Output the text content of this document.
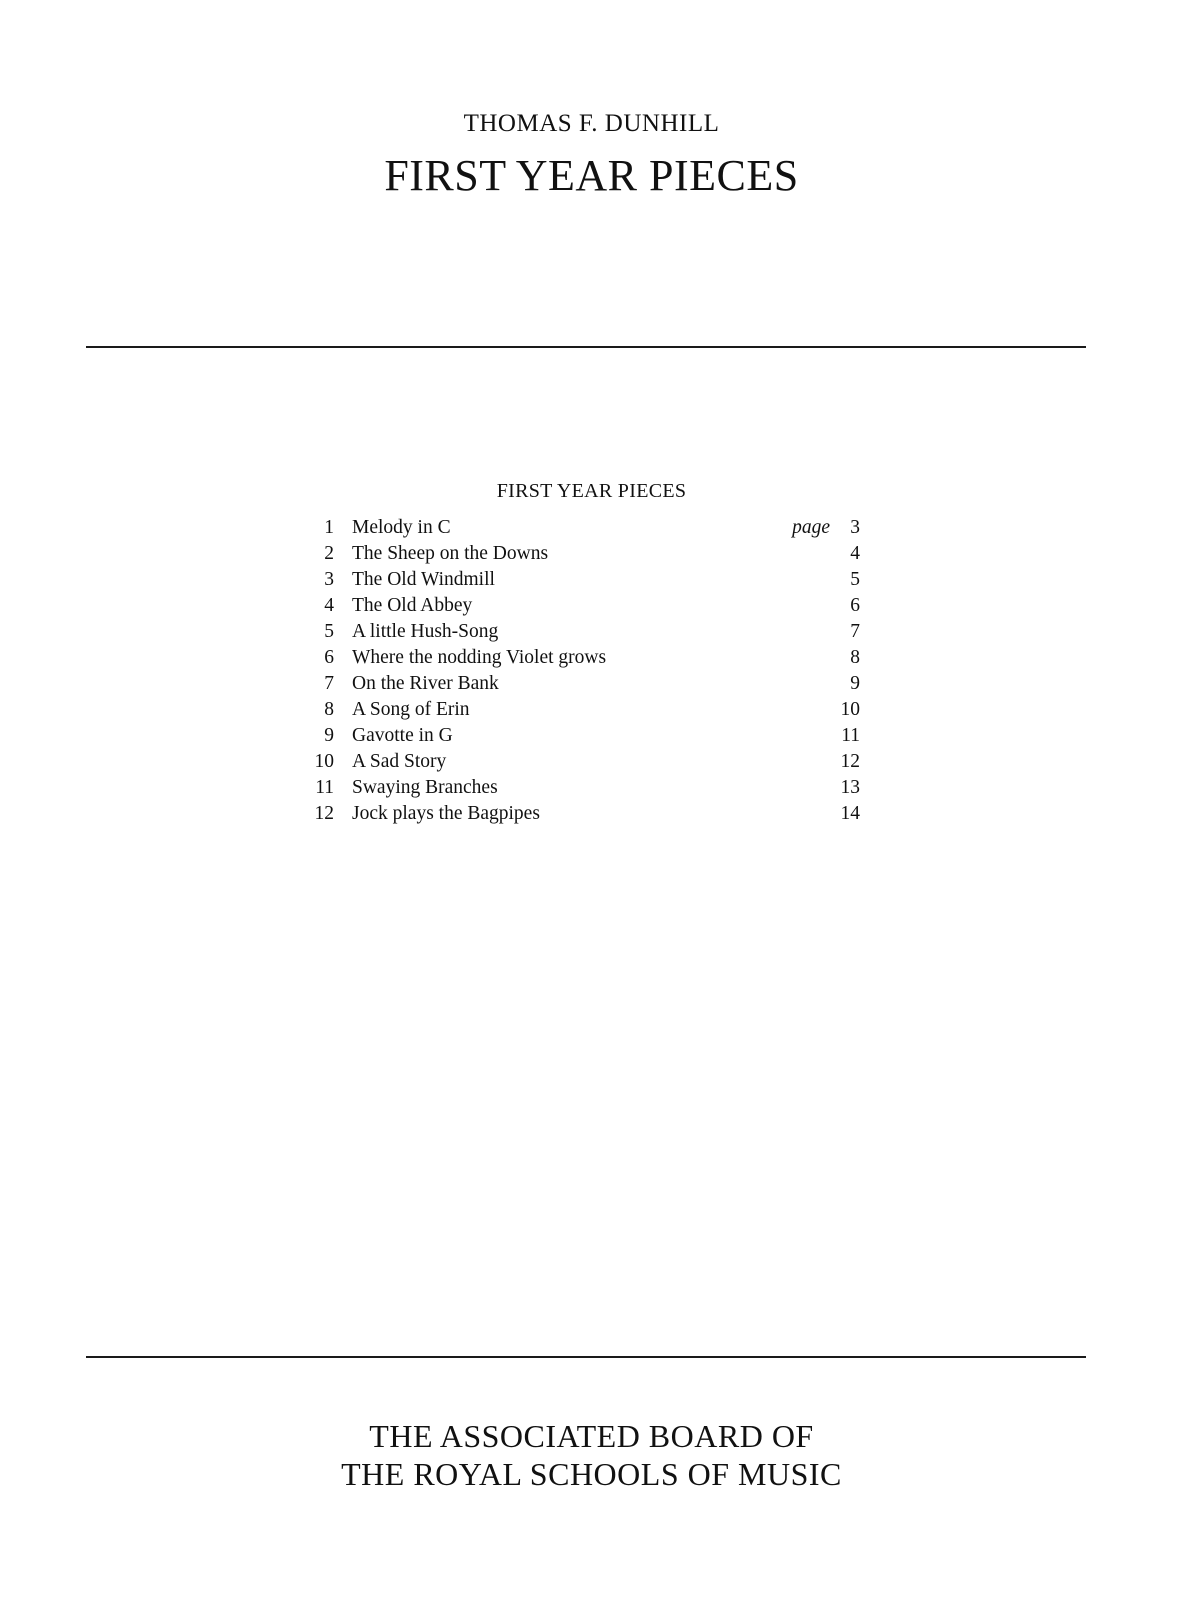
THOMAS F. DUNHILL
FIRST YEAR PIECES
FIRST YEAR PIECES
1 Melody in C	page	3
2 The Sheep on the Downs	4
3 The Old Windmill	5
4 The Old Abbey	6
5 A little Hush-Song	7
6 Where the nodding Violet grows	8
7 On the River Bank	9
8 A Song of Erin	10
9 Gavotte in G	11
10 A Sad Story	12
11 Swaying Branches	13
12 Jock plays the Bagpipes	14
THE ASSOCIATED BOARD OF
THE ROYAL SCHOOLS OF MUSIC
